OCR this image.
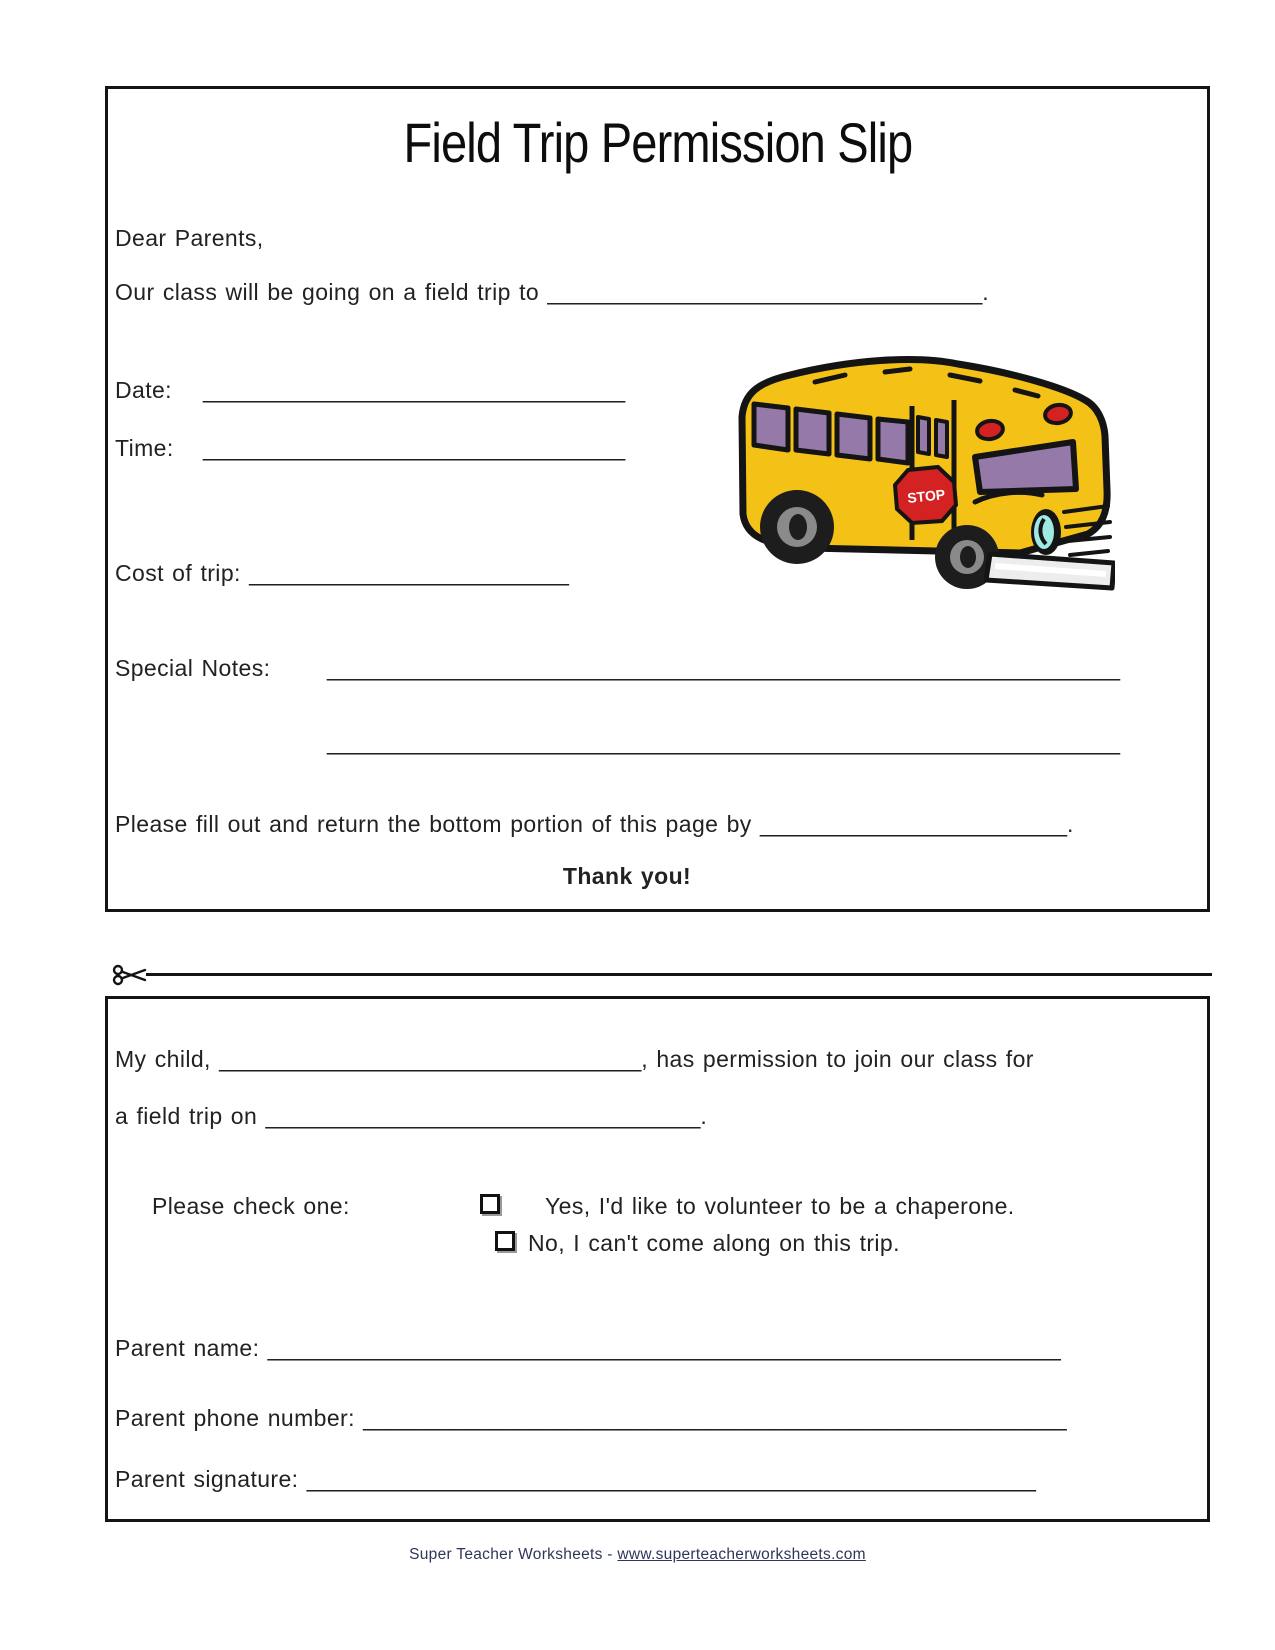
Field Trip Permission Slip
Dear Parents,
Our class will be going on a field trip to __________________________________.
Date: _________________________________
Time: _________________________________
Cost of trip: _________________________
Special Notes: ______________________________________________________________
______________________________________________________________
Please fill out and return the bottom portion of this page by ________________________.
Thank you!
STOP
My child, _________________________________, has permission to join our class for
a field trip on __________________________________.
Please check one:	Yes, I'd like to volunteer to be a chaperone.
No, I can't come along on this trip.
Parent name: ______________________________________________________________
Parent phone number: _______________________________________________________
Parent signature: _________________________________________________________
Super Teacher Worksheets - www.superteacherworksheets.com
